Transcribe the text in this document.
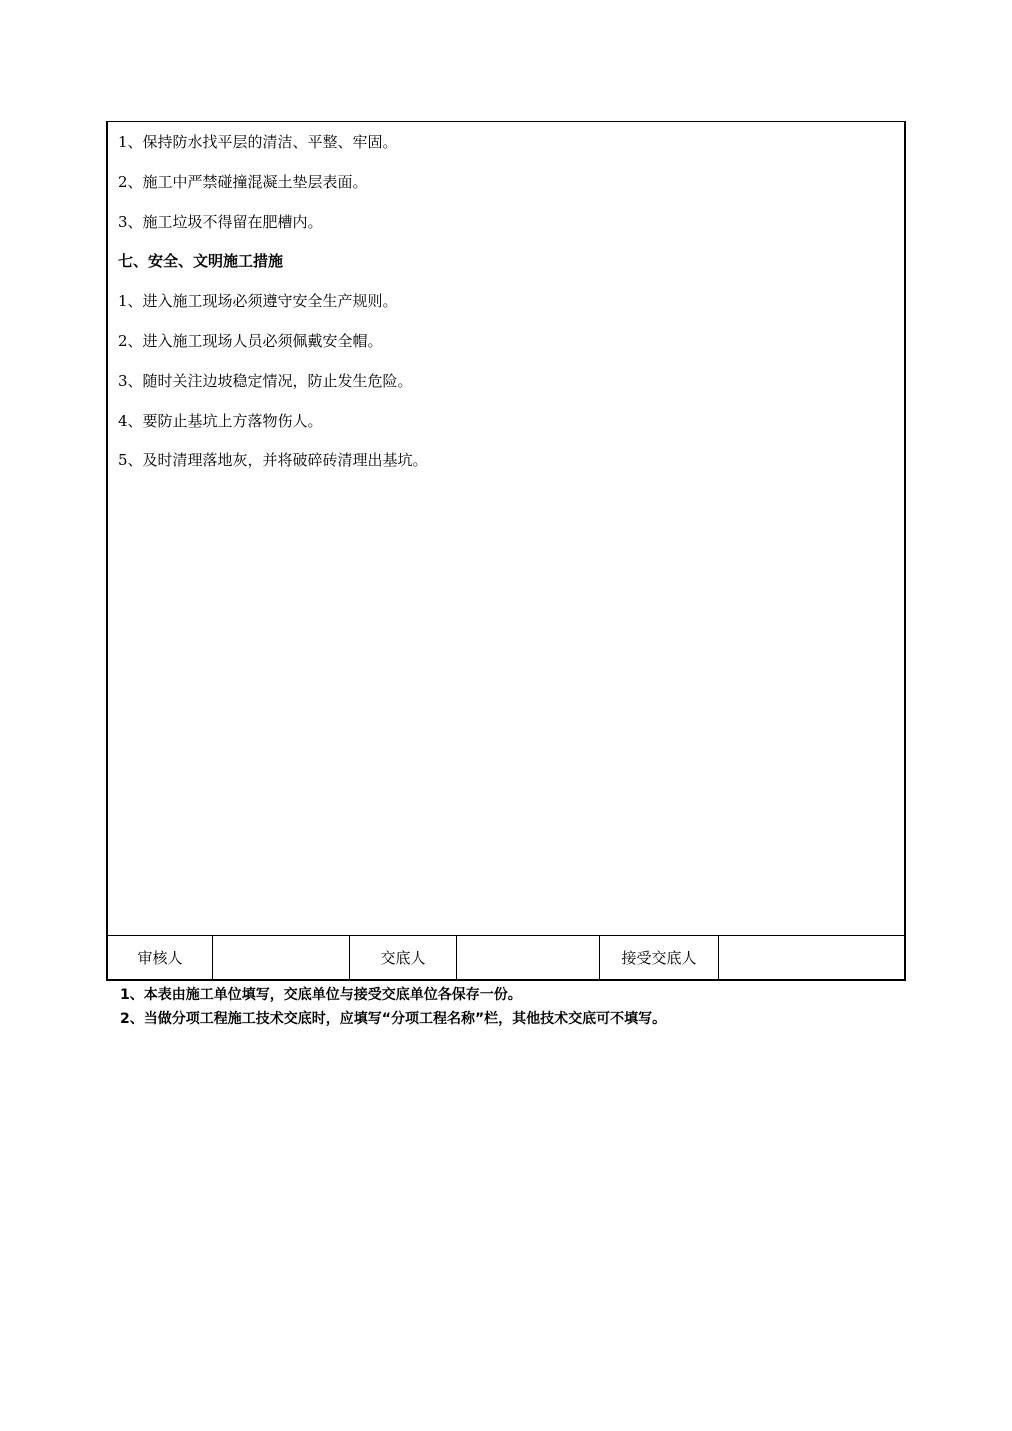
1、保持防水找平层的清洁、平整、牢固。
2、施工中严禁碰撞混凝土垫层表面。
3、施工垃圾不得留在肥槽内。
七、安全、文明施工措施
1、进入施工现场必须遵守安全生产规则。
2、进入施工现场人员必须佩戴安全帽。
3、随时关注边坡稳定情况，防止发生危险。
4、要防止基坑上方落物伤人。
5、及时清理落地灰，并将破碎砖清理出基坑。
审核人	交底人	接受交底人
1、本表由施工单位填写，交底单位与接受交底单位各保存一份。
2、当做分项工程施工技术交底时，应填写“分项工程名称”栏，其他技术交底可不填写。
